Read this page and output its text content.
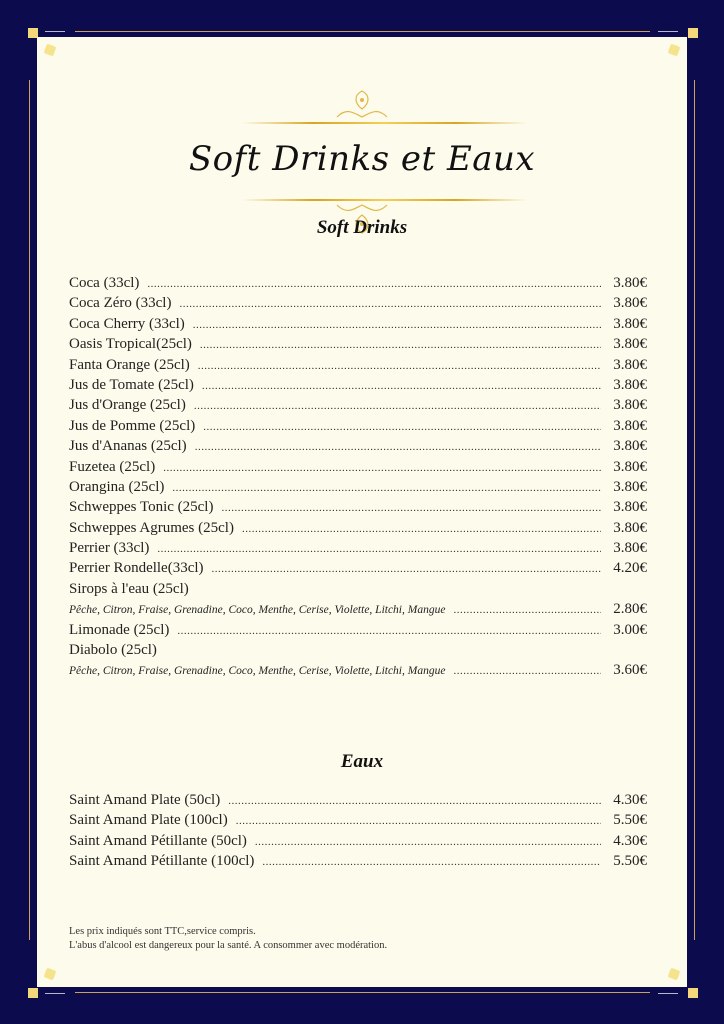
Soft Drinks et Eaux
Soft Drinks
Coca (33cl) .....	3.80€
Coca Zéro (33cl) .....	3.80€
Coca Cherry (33cl) .....	3.80€
Oasis Tropical(25cl) .....	3.80€
Fanta Orange (25cl) .....	3.80€
Jus de Tomate (25cl) .....	3.80€
Jus d'Orange (25cl) .....	3.80€
Jus de Pomme (25cl) .....	3.80€
Jus d'Ananas (25cl) .....	3.80€
Fuzetea (25cl) .....	3.80€
Orangina (25cl) .....	3.80€
Schweppes Tonic (25cl) .....	3.80€
Schweppes Agrumes (25cl) .....	3.80€
Perrier (33cl) .....	3.80€
Perrier Rondelle(33cl) .....	4.20€
Sirops à l'eau (25cl)
Pêche, Citron, Fraise, Grenadine, Coco, Menthe, Cerise, Violette, Litchi, Mangue .....	2.80€
Limonade (25cl) .....	3.00€
Diabolo (25cl)
Pêche, Citron, Fraise, Grenadine, Coco, Menthe, Cerise, Violette, Litchi, Mangue .....	3.60€
Eaux
Saint Amand Plate (50cl) .....	4.30€
Saint Amand Plate (100cl) .....	5.50€
Saint Amand Pétillante (50cl) .....	4.30€
Saint Amand Pétillante (100cl) .....	5.50€
Les prix indiqués sont TTC,service compris.
L'abus d'alcool est dangereux pour la santé. A consommer avec modération.
